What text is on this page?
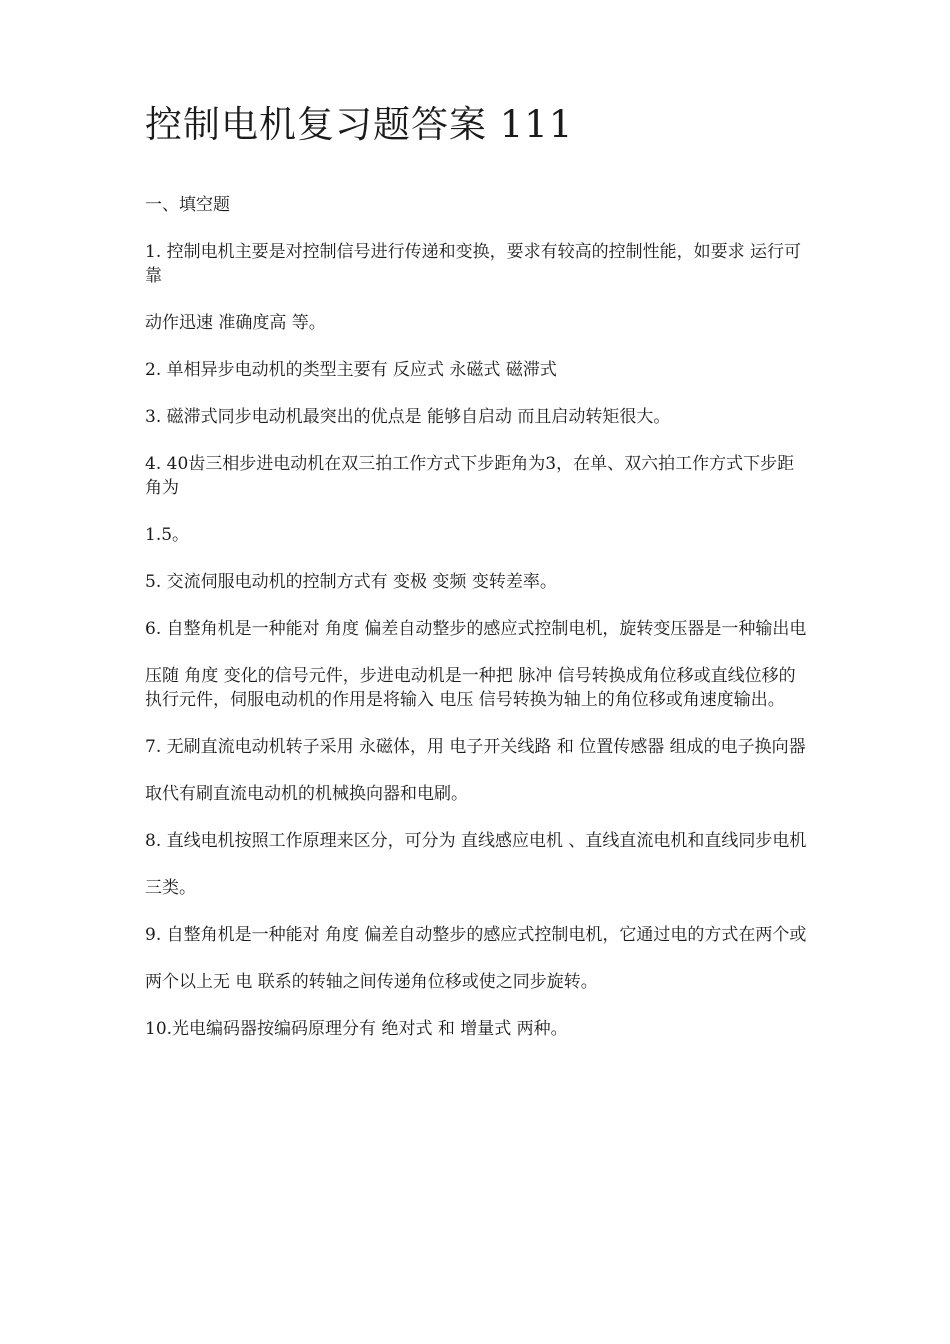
控制电机复习题答案 111

一、填空题

1. 控制电机主要是对控制信号进行传递和变换，要求有较高的控制性能，如要求 运行可靠

动作迅速 准确度高 等。

2. 单相异步电动机的类型主要有 反应式 永磁式 磁滞式

3. 磁滞式同步电动机最突出的优点是 能够自启动 而且启动转矩很大。

4. 40齿三相步进电动机在双三拍工作方式下步距角为3，在单、双六拍工作方式下步距角为

1.5。

5. 交流伺服电动机的控制方式有 变极 变频 变转差率。

6. 自整角机是一种能对 角度 偏差自动整步的感应式控制电机，旋转变压器是一种输出电

压随 角度 变化的信号元件，步进电动机是一种把 脉冲 信号转换成角位移或直线位移的执行元件，伺服电动机的作用是将输入 电压 信号转换为轴上的角位移或角速度输出。

7. 无刷直流电动机转子采用 永磁体，用 电子开关线路 和 位置传感器 组成的电子换向器

取代有刷直流电动机的机械换向器和电刷。

8. 直线电机按照工作原理来区分，可分为 直线感应电机 、直线直流电机和直线同步电机

三类。

9. 自整角机是一种能对 角度 偏差自动整步的感应式控制电机，它通过电的方式在两个或

两个以上无 电 联系的转轴之间传递角位移或使之同步旋转。

10.光电编码器按编码原理分有 绝对式 和 增量式 两种。
